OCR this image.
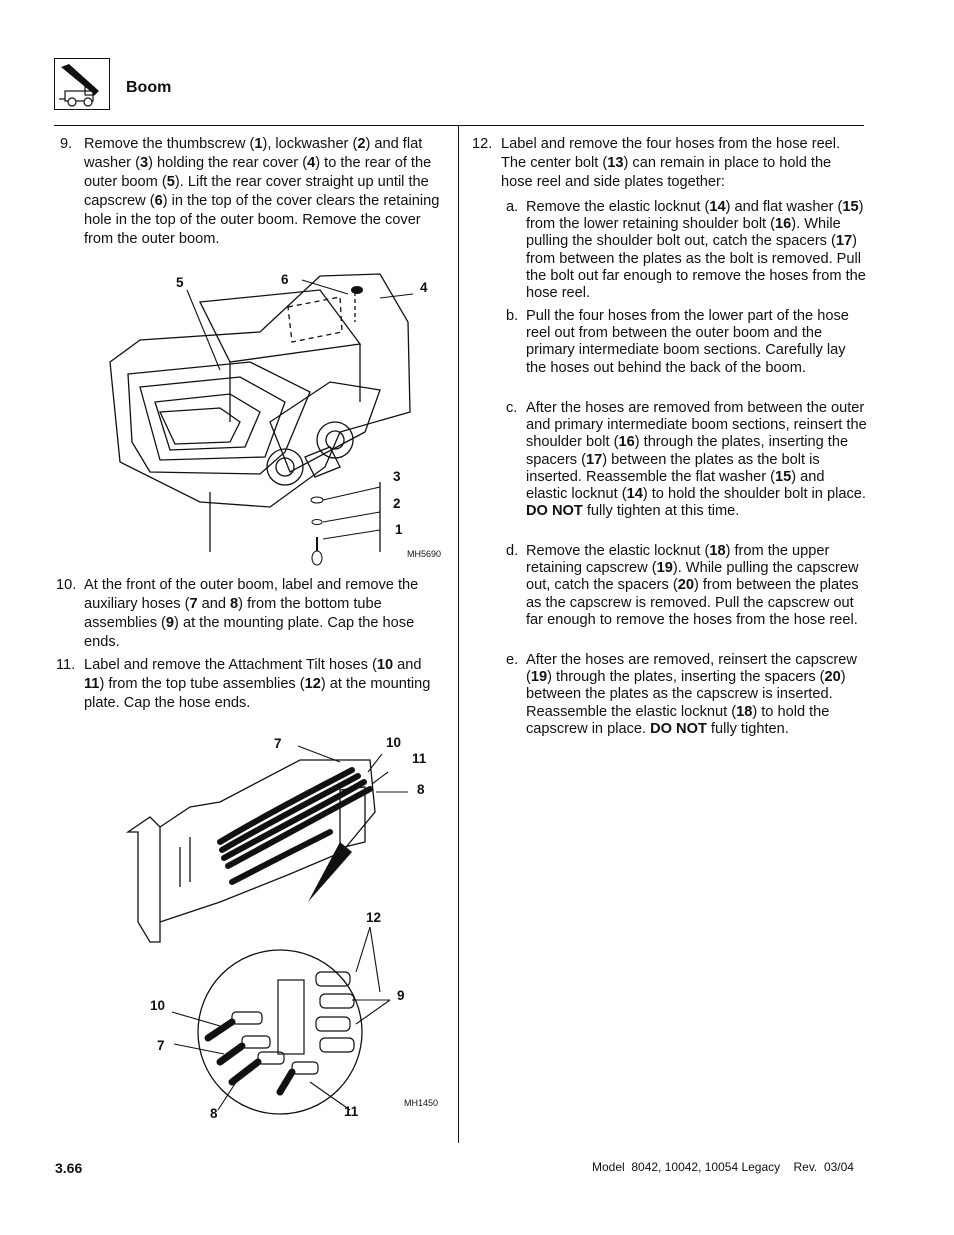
Boom
9. Remove the thumbscrew (1), lockwasher (2) and flat washer (3) holding the rear cover (4) to the rear of the outer boom (5). Lift the rear cover straight up until the capscrew (6) in the top of the cover clears the retaining hole in the top of the outer boom. Remove the cover from the outer boom.
5	6
4
3
2
1
MH5690
10. At the front of the outer boom, label and remove the auxiliary hoses (7 and 8) from the bottom tube assemblies (9) at the mounting plate. Cap the hose ends.
11. Label and remove the Attachment Tilt hoses (10 and 11) from the top tube assemblies (12) at the mounting plate. Cap the hose ends.
7	10
11
8
12
9
10
7
8	11
MH1450
12. Label and remove the four hoses from the hose reel. The center bolt (13) can remain in place to hold the hose reel and side plates together:
a. Remove the elastic locknut (14) and flat washer (15) from the lower retaining shoulder bolt (16). While pulling the shoulder bolt out, catch the spacers (17) from between the plates as the bolt is removed. Pull the bolt out far enough to remove the hoses from the hose reel.
b. Pull the four hoses from the lower part of the hose reel out from between the outer boom and the primary intermediate boom sections. Carefully lay the hoses out behind the back of the boom.
c. After the hoses are removed from between the outer and primary intermediate boom sections, reinsert the shoulder bolt (16) through the plates, inserting the spacers (17) between the plates as the bolt is inserted. Reassemble the flat washer (15) and elastic locknut (14) to hold the shoulder bolt in place. DO NOT fully tighten at this time.
d. Remove the elastic locknut (18) from the upper retaining capscrew (19). While pulling the capscrew out, catch the spacers (20) from between the plates as the capscrew is removed. Pull the capscrew out far enough to remove the hoses from the hose reel.
e. After the hoses are removed, reinsert the capscrew (19) through the plates, inserting the spacers (20) between the plates as the capscrew is inserted. Reassemble the elastic locknut (18) to hold the capscrew in place. DO NOT fully tighten.
3.66	Model  8042, 10042, 10054 Legacy    Rev.  03/04
